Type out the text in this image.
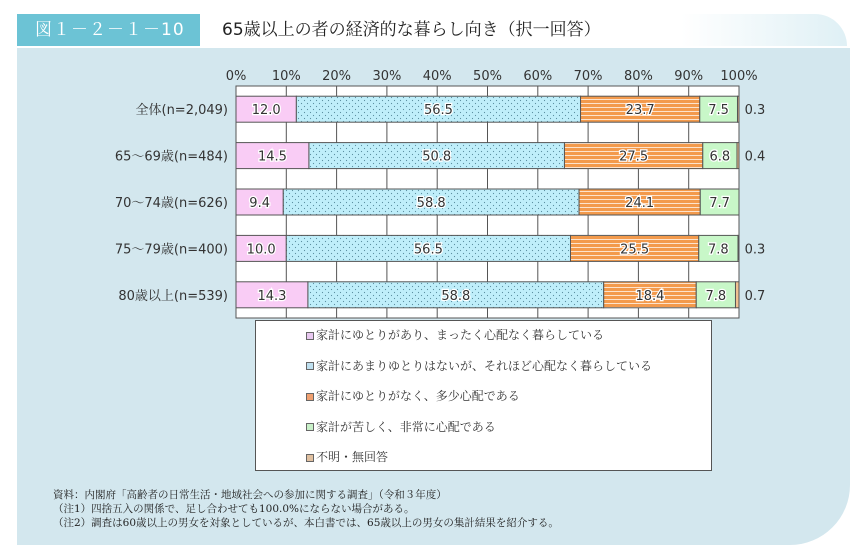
図１－２－１－10	65歳以上の者の経済的な暮らし向き（択一回答）
0% 10% 20% 30% 40% 50% 60% 70% 80% 90% 100%
全体(n=2,049) 12.0	56.5	23.7	7.5 0.3
65～69歳(n=484) 14.5	50.8	27.5	6.8 0.4
70～74歳(n=626) 9.4	58.8	24.1	7.7
75～79歳(n=400) 10.0	56.5	25.5	7.8 0.3
80歳以上(n=539) 14.3	58.8	18.4	7.8 0.7
家計にゆとりがあり、まったく心配なく暮らしている
家計にあまりゆとりはないが、それほど心配なく暮らしている
家計にゆとりがなく、多少心配である
家計が苦しく、非常に心配である
不明・無回答
資料：内閣府「高齢者の日常生活・地域社会への参加に関する調査」（令和３年度）
（注1）四捨五入の関係で、足し合わせても100.0%にならない場合がある。
（注2）調査は60歳以上の男女を対象としているが、本白書では、65歳以上の男女の集計結果を紹介する。
